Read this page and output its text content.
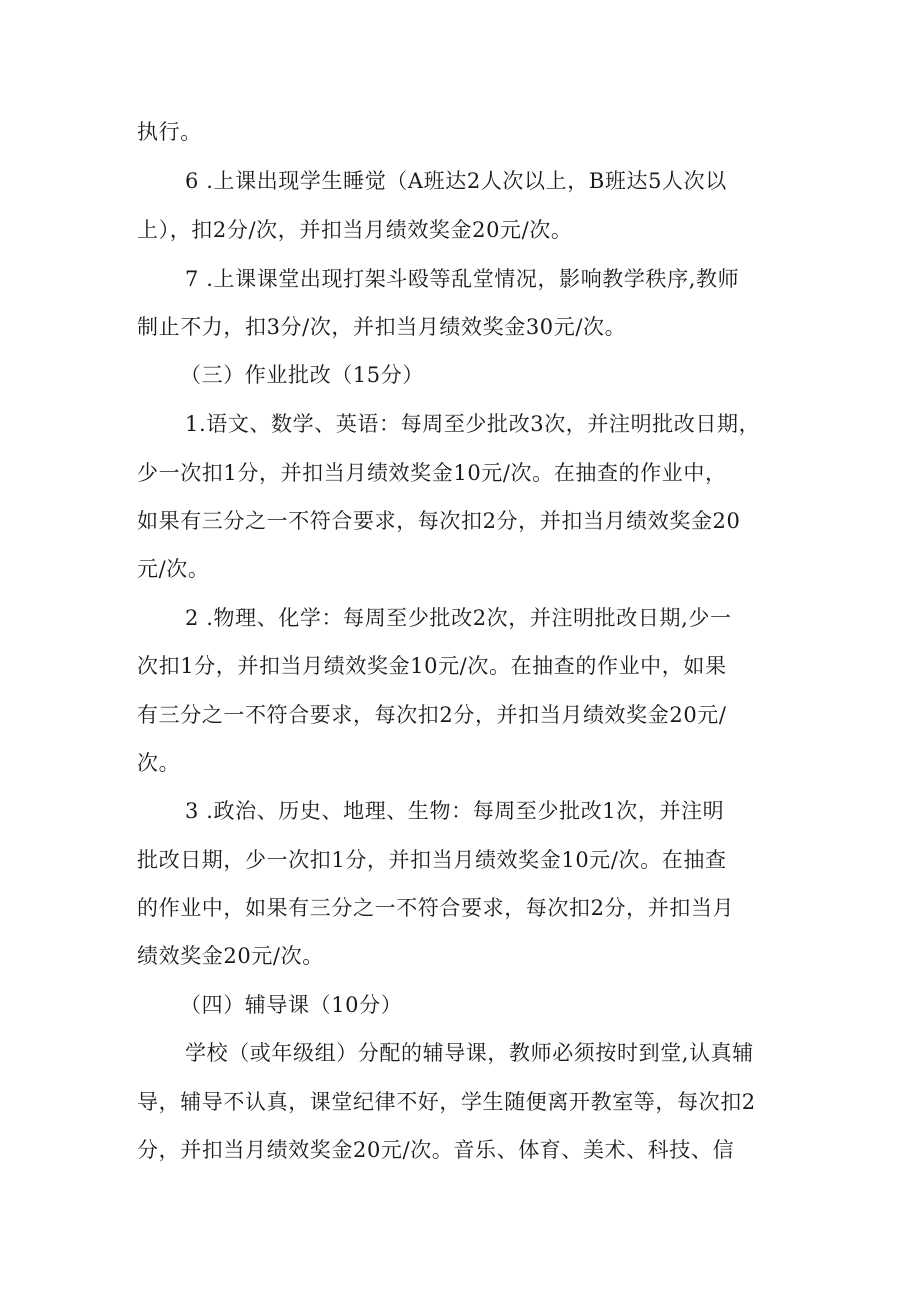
执行。

6 .上课出现学生睡觉（A班达2人次以上，B班达5人次以

上），扣2分/次，并扣当月绩效奖金20元/次。

7 .上课课堂出现打架斗殴等乱堂情况，影响教学秩序,教师

制止不力，扣3分/次，并扣当月绩效奖金30元/次。

（三）作业批改（15分）

1.语文、数学、英语：每周至少批改3次，并注明批改日期，

少一次扣1分，并扣当月绩效奖金10元/次。在抽查的作业中，

如果有三分之一不符合要求，每次扣2分，并扣当月绩效奖金20

元/次。

2 .物理、化学：每周至少批改2次，并注明批改日期,少一

次扣1分，并扣当月绩效奖金10元/次。在抽查的作业中，如果

有三分之一不符合要求，每次扣2分，并扣当月绩效奖金20元/

次。

3 .政治、历史、地理、生物：每周至少批改1次，并注明

批改日期，少一次扣1分，并扣当月绩效奖金10元/次。在抽查

的作业中，如果有三分之一不符合要求，每次扣2分，并扣当月

绩效奖金20元/次。

（四）辅导课（10分）

学校（或年级组）分配的辅导课，教师必须按时到堂,认真辅

导，辅导不认真，课堂纪律不好，学生随便离开教室等，每次扣2

分，并扣当月绩效奖金20元/次。音乐、体育、美术、科技、信
